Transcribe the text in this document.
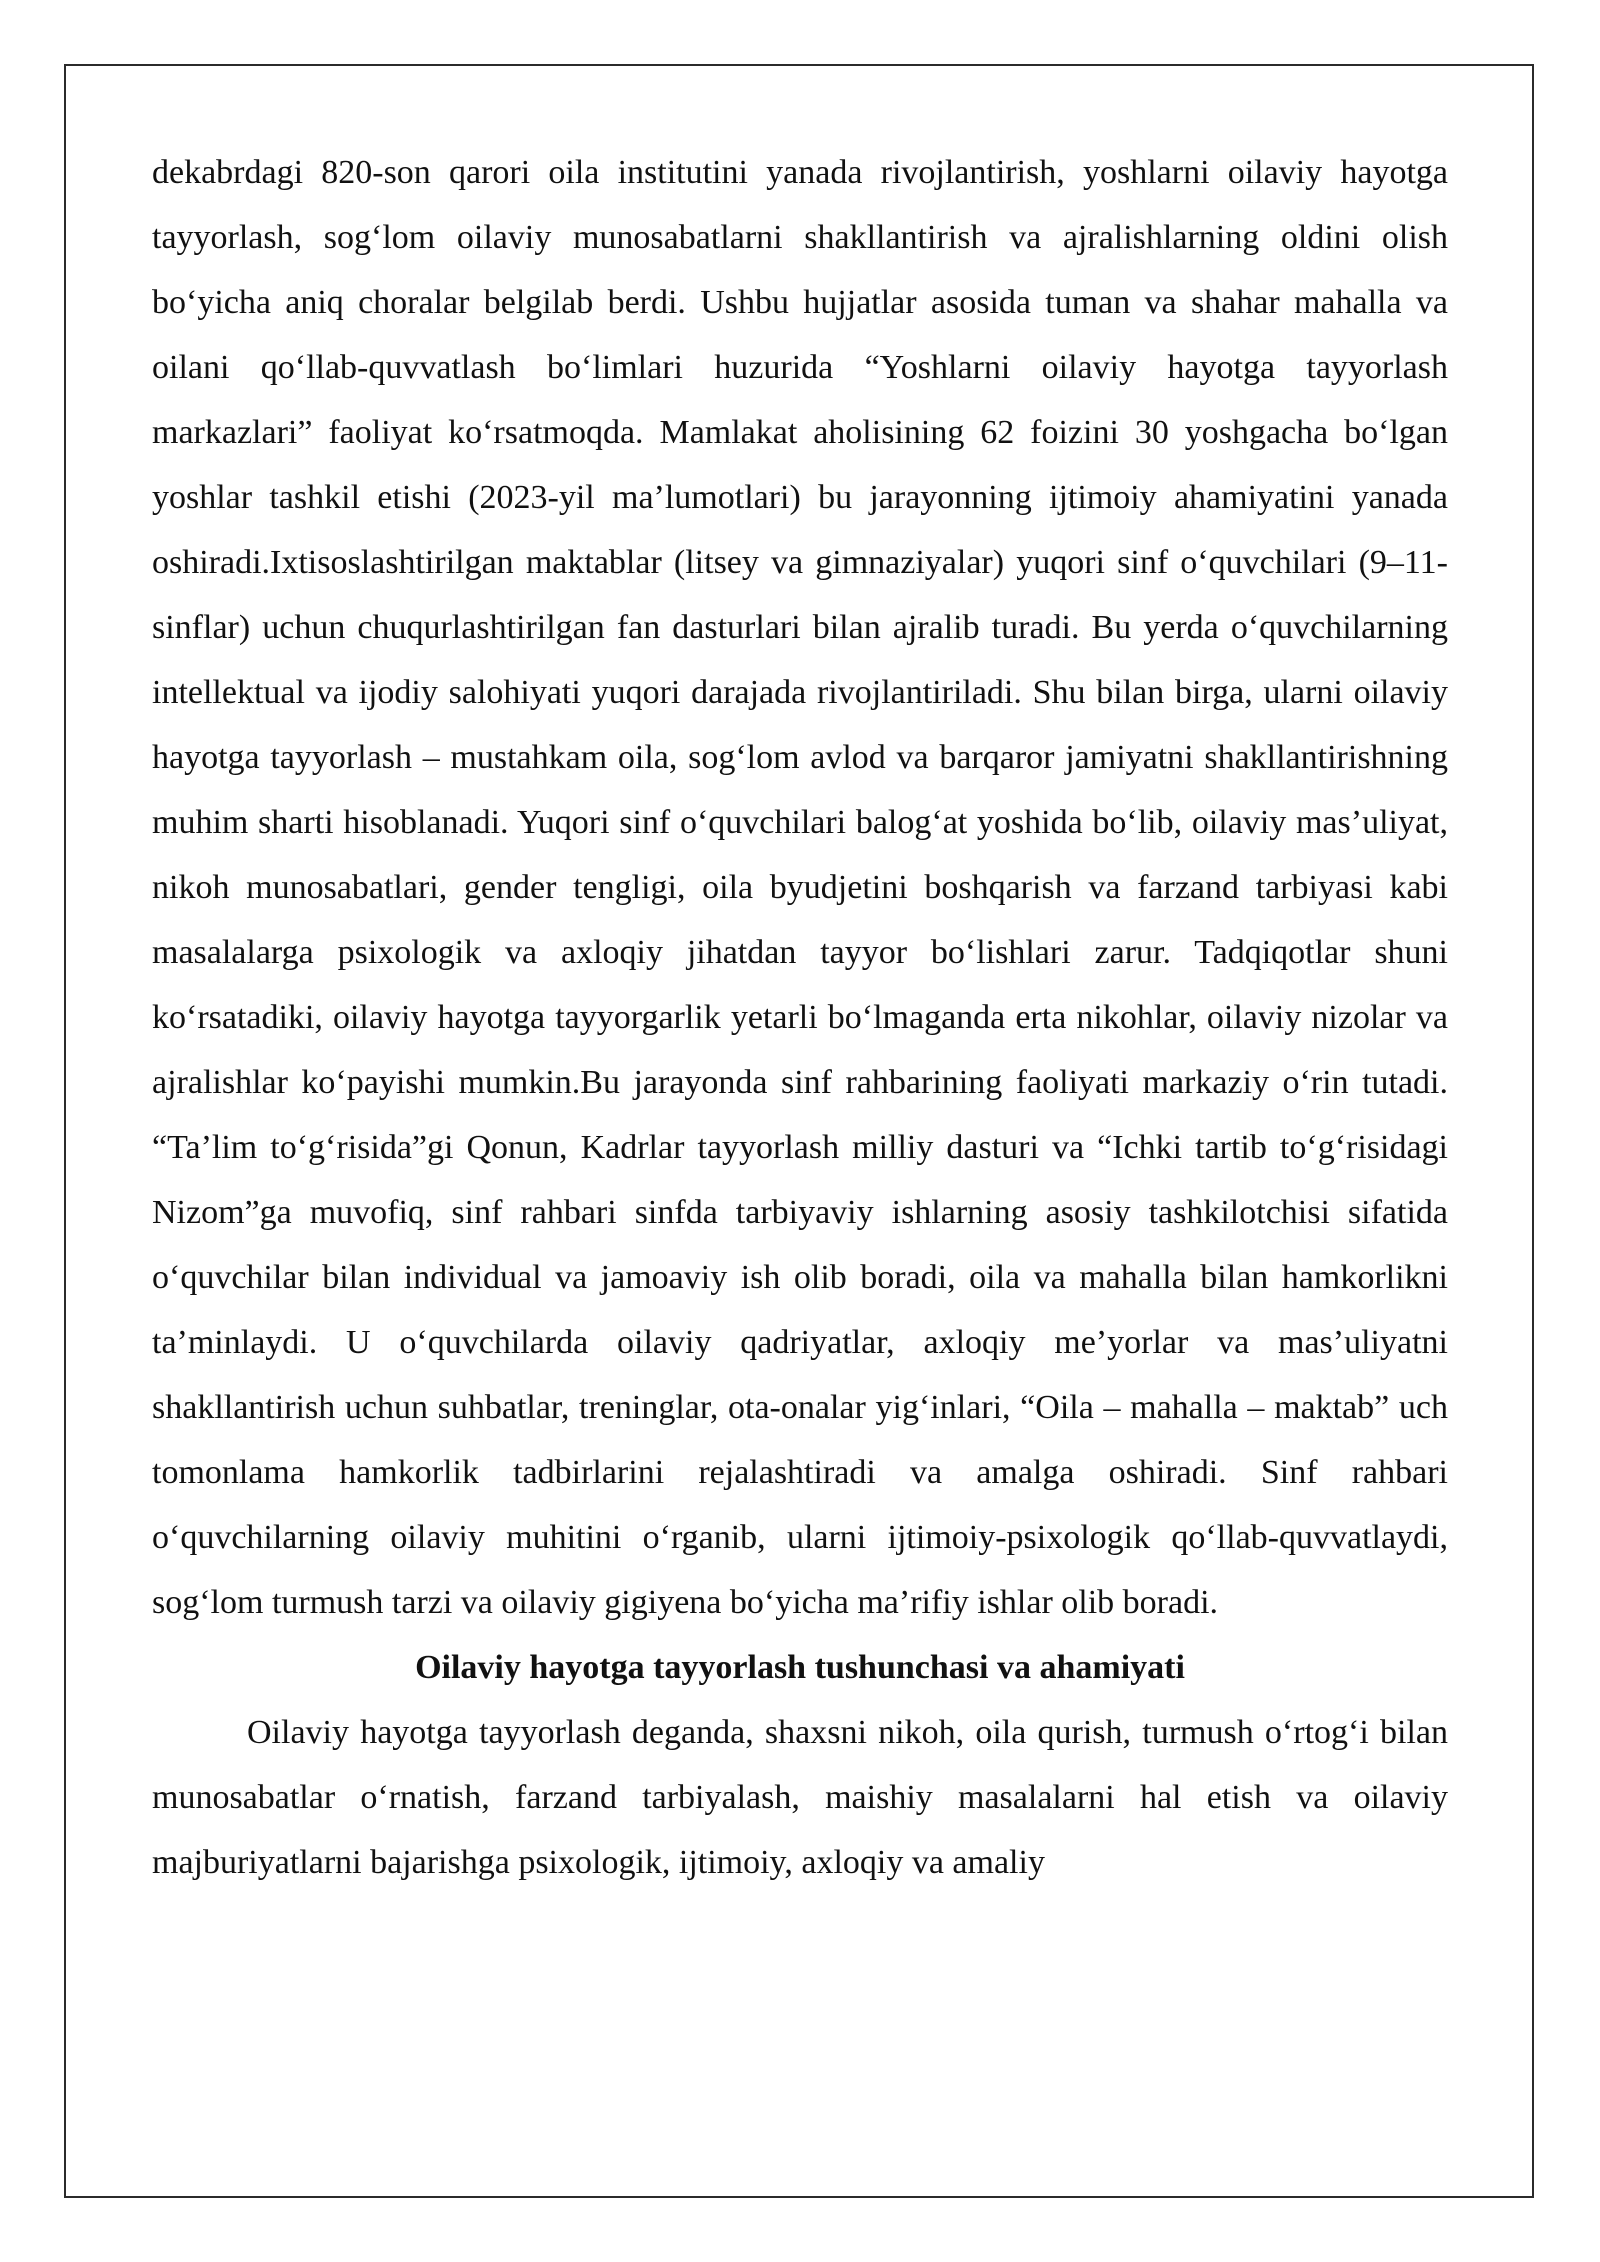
dekabrdagi 820-son qarori oila institutini yanada rivojlantirish, yoshlarni oilaviy hayotga tayyorlash, sog‘lom oilaviy munosabatlarni shakllantirish va ajralishlarning oldini olish bo‘yicha aniq choralar belgilab berdi. Ushbu hujjatlar asosida tuman va shahar mahalla va oilani qo‘llab-quvvatlash bo‘limlari huzurida “Yoshlarni oilaviy hayotga tayyorlash markazlari” faoliyat ko‘rsatmoqda. Mamlakat aholisining 62 foizini 30 yoshgacha bo‘lgan yoshlar tashkil etishi (2023-yil ma’lumotlari) bu jarayonning ijtimoiy ahamiyatini yanada oshiradi.Ixtisoslashtirilgan maktablar (litsey va gimnaziyalar) yuqori sinf o‘quvchilari (9–11-sinflar) uchun chuqurlashtirilgan fan dasturlari bilan ajralib turadi. Bu yerda o‘quvchilarning intellektual va ijodiy salohiyati yuqori darajada rivojlantiriladi. Shu bilan birga, ularni oilaviy hayotga tayyorlash – mustahkam oila, sog‘lom avlod va barqaror jamiyatni shakllantirishning muhim sharti hisoblanadi. Yuqori sinf o‘quvchilari balog‘at yoshida bo‘lib, oilaviy mas’uliyat, nikoh munosabatlari, gender tengligi, oila byudjetini boshqarish va farzand tarbiyasi kabi masalalarga psixologik va axloqiy jihatdan tayyor bo‘lishlari zarur. Tadqiqotlar shuni ko‘rsatadiki, oilaviy hayotga tayyorgarlik yetarli bo‘lmaganda erta nikohlar, oilaviy nizolar va ajralishlar ko‘payishi mumkin.Bu jarayonda sinf rahbarining faoliyati markaziy o‘rin tutadi. “Ta’lim to‘g‘risida”gi Qonun, Kadrlar tayyorlash milliy dasturi va “Ichki tartib to‘g‘risidagi Nizom”ga muvofiq, sinf rahbari sinfda tarbiyaviy ishlarning asosiy tashkilotchisi sifatida o‘quvchilar bilan individual va jamoaviy ish olib boradi, oila va mahalla bilan hamkorlikni ta’minlaydi. U o‘quvchilarda oilaviy qadriyatlar, axloqiy me’yorlar va mas’uliyatni shakllantirish uchun suhbatlar, treninglar, ota-onalar yig‘inlari, “Oila – mahalla – maktab” uch tomonlama hamkorlik tadbirlarini rejalashtiradi va amalga oshiradi. Sinf rahbari o‘quvchilarning oilaviy muhitini o‘rganib, ularni ijtimoiy-psixologik qo‘llab-quvvatlaydi, sog‘lom turmush tarzi va oilaviy gigiyena bo‘yicha ma’rifiy ishlar olib boradi.

Oilaviy hayotga tayyorlash tushunchasi va ahamiyati

Oilaviy hayotga tayyorlash deganda, shaxsni nikoh, oila qurish, turmush o‘rtog‘i bilan munosabatlar o‘rnatish, farzand tarbiyalash, maishiy masalalarni hal etish va oilaviy majburiyatlarni bajarishga psixologik, ijtimoiy, axloqiy va amaliy
